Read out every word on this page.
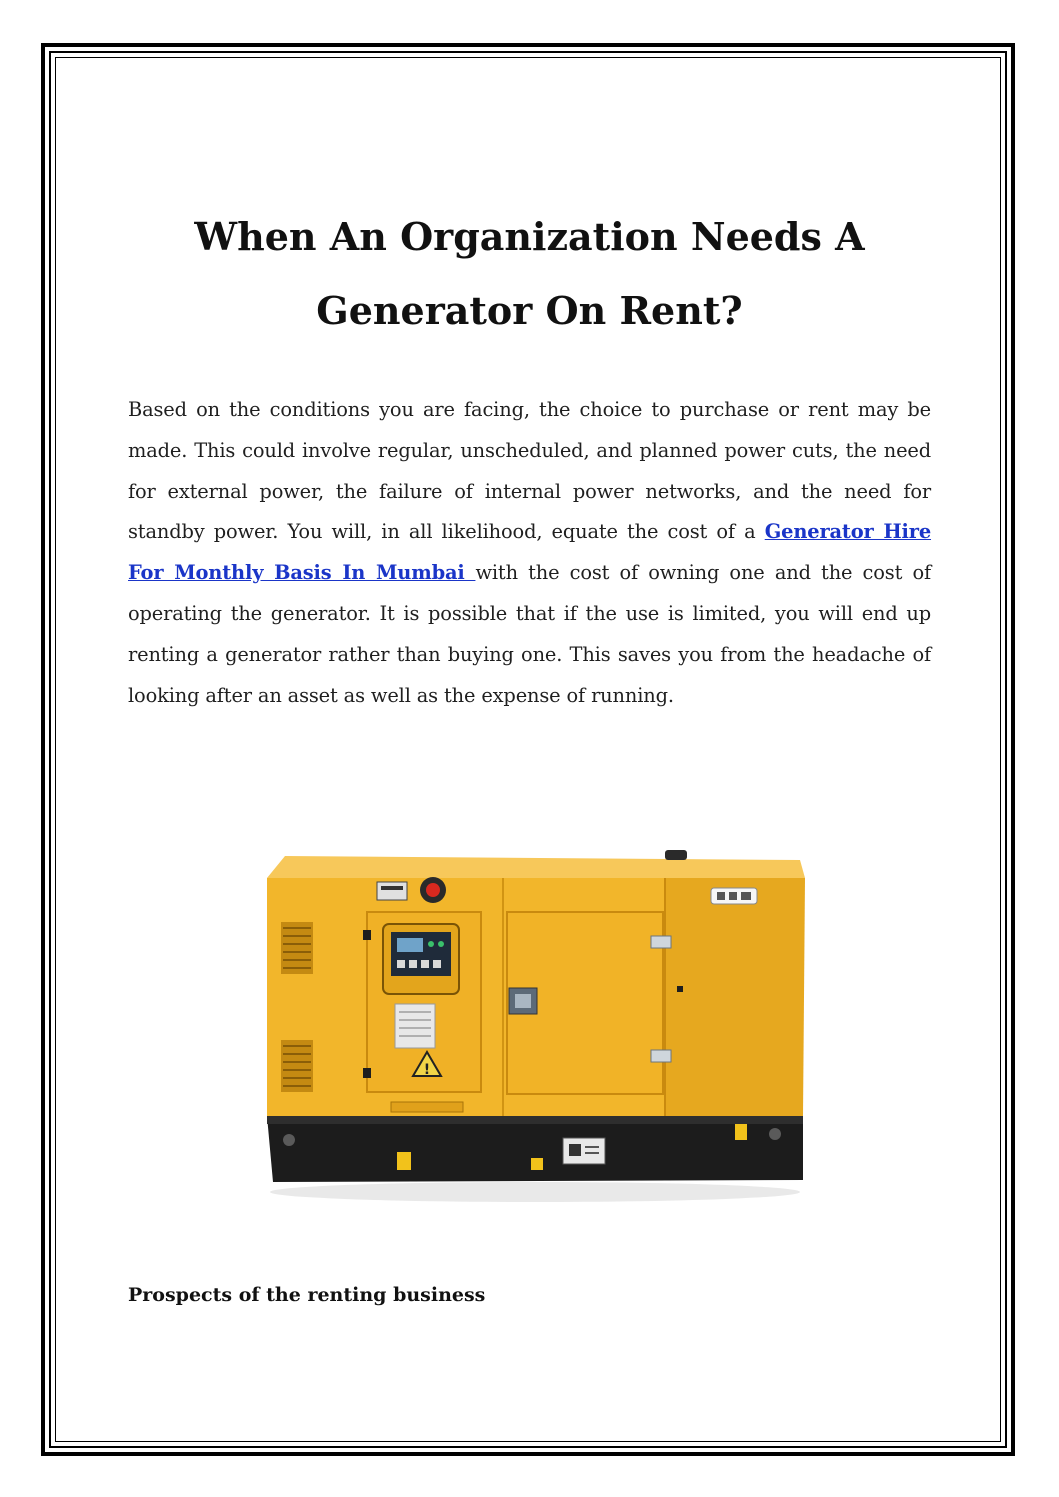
When An Organization Needs A Generator On Rent?

Based on the conditions you are facing, the choice to purchase or rent may be made. This could involve regular, unscheduled, and planned power cuts, the need for external power, the failure of internal power networks, and the need for standby power. You will, in all likelihood, equate the cost of a Generator Hire For Monthly Basis In Mumbai with the cost of owning one and the cost of operating the generator. It is possible that if the use is limited, you will end up renting a generator rather than buying one. This saves you from the headache of looking after an asset as well as the expense of running.

!
Prospects of the renting business
